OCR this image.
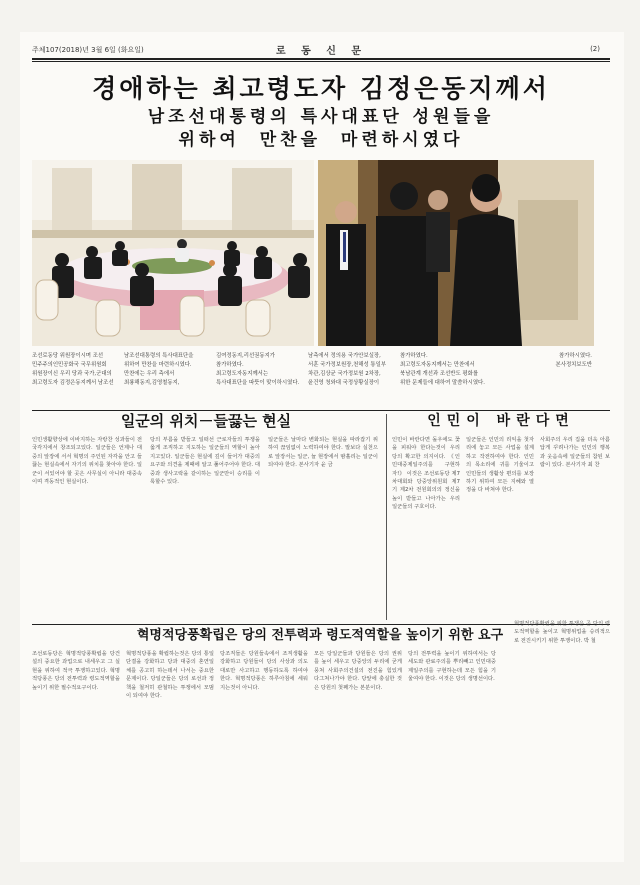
주체107(2018)년 3월 6일 (화요일)	로 동 신 문	(2)
경애하는 최고령도자 김정은동지께서
남조선대통령의 특사대표단 성원들을
위하여 만찬을 마련하시였다
조선로동당 위원장이시며 조선
민주주의인민공화국 국무위원회
위원장이신 우리 당과 국가,군대의
최고령도자 김정은동지께서 남조선
남조선대통령의 특사대표단을
위하여 만찬을 마련하시였다.
만찬에는 우리 측에서
최룡해동지,김영철동지,
김여정동지,리선권동지가
참가하였다.
최고령도자동지께서는
특사대표단을 따뜻이 맞이하시였다.
남측에서 정의용 국가안보실장,
서훈 국가정보원장,천해성 통일부
차관,김상균 국가정보원 2차장,
윤건영 청와대 국정상황실장이
참가하였다.
최고령도자동지께서는 만찬에서
북남관계 개선과 조선반도 평화를
위한 문제들에 대하여 말씀하시였다.
참가하시였다.
본사정치보도반
일군의 위치－들끓는 현실
인민생활향상에 이바지하는 자랑찬 성과들이 전국각지에서 창조되고있다. 일군들은 언제나 대중의 앞장에 서서 혁명의 주인된 자각을 안고 들끓는 현실속에서 자기의 위치를 찾아야 한다. 일군이 서있어야 할 곳은 사무실이 아니라 대중속이며 격동적인 현실이다.
당의 부름을 받들고 일떠선 근로자들의 투쟁을 옳게 조직하고 지도하는 일군들의 역할이 높아지고있다. 일군들은 현실에 깊이 들어가 대중의 요구와 의견을 제때에 알고 풀어주어야 한다. 대중과 생사고락을 같이하는 일군만이 승리를 이룩할수 있다.
일군들은 날마다 변화되는 현실을 따라잡기 위하여 끊임없이 노력하여야 한다. 말보다 실천으로 앞장서는 일군, 늘 현장에서 땀흘리는 일군이 되여야 한다. 본사기자 윤 금
인민이 바란다면
인민이 바란다면 돌우에도 꽃을 피워야 한다는것이 우리 당의 확고한 의지이다. 《인민대중제일주의를 구현하자!》 이것은 조선로동당 제7차대회와 당중앙위원회 제7기 제2차 전원회의의 정신을 높이 받들고 나아가는 우리 일군들의 구호이다.
일군들은 인민의 리익을 첫자리에 놓고 모든 사업을 설계하고 작전하여야 한다. 인민의 목소리에 귀를 기울이고 인민들의 생활상 편의를 보장하기 위하여 모든 지혜와 열정을 다 바쳐야 한다.
사회주의 우리 집을 더욱 아름답게 꾸려나가는 인민의 행복과 웃음속에 일군들의 참된 보람이 있다. 본사기자 최 찬
혁명적당풍확립은 당의 전투력과 령도적역할을 높이기 위한 요구
조선로동당은 혁명적당풍확립을 당건설의 중요한 과업으로 내세우고 그 실현을 위하여 적극 투쟁하고있다. 혁명적당풍은 당의 전투력과 령도적역할을 높이기 위한 필수적요구이다.
혁명적당풍을 확립하는것은 당의 통일단결을 강화하고 당과 대중의 혼연일체를 공고히 하는데서 나서는 중요한 문제이다. 당일군들은 당의 로선과 정책을 철저히 관철하는 투쟁에서 모범이 되여야 한다.
당조직들은 당원들속에서 조직생활을 강화하고 당원들이 당의 사상과 의도대로만 사고하고 행동하도록 하여야 한다. 혁명적당풍은 하루아침에 세워지는것이 아니다.
모든 당일군들과 당원들은 당의 권위를 높이 세우고 당중앙의 두리에 굳게 뭉쳐 사회주의건설의 전진을 힘있게 다그쳐나가야 한다. 당앞에 충실한 것은 당원의 첫째가는 본분이다.
당의 전투력을 높이기 위하여서는 당세도와 관료주의를 뿌리빼고 인민대중제일주의를 구현하는데 모든 힘을 기울여야 한다. 이것은 당의 생명선이다.
혁명적당풍확립을 위한 투쟁은 곧 당의 령도적역할을 높이고 혁명위업을 승리적으로 전진시키기 위한 투쟁이다. 박 철
